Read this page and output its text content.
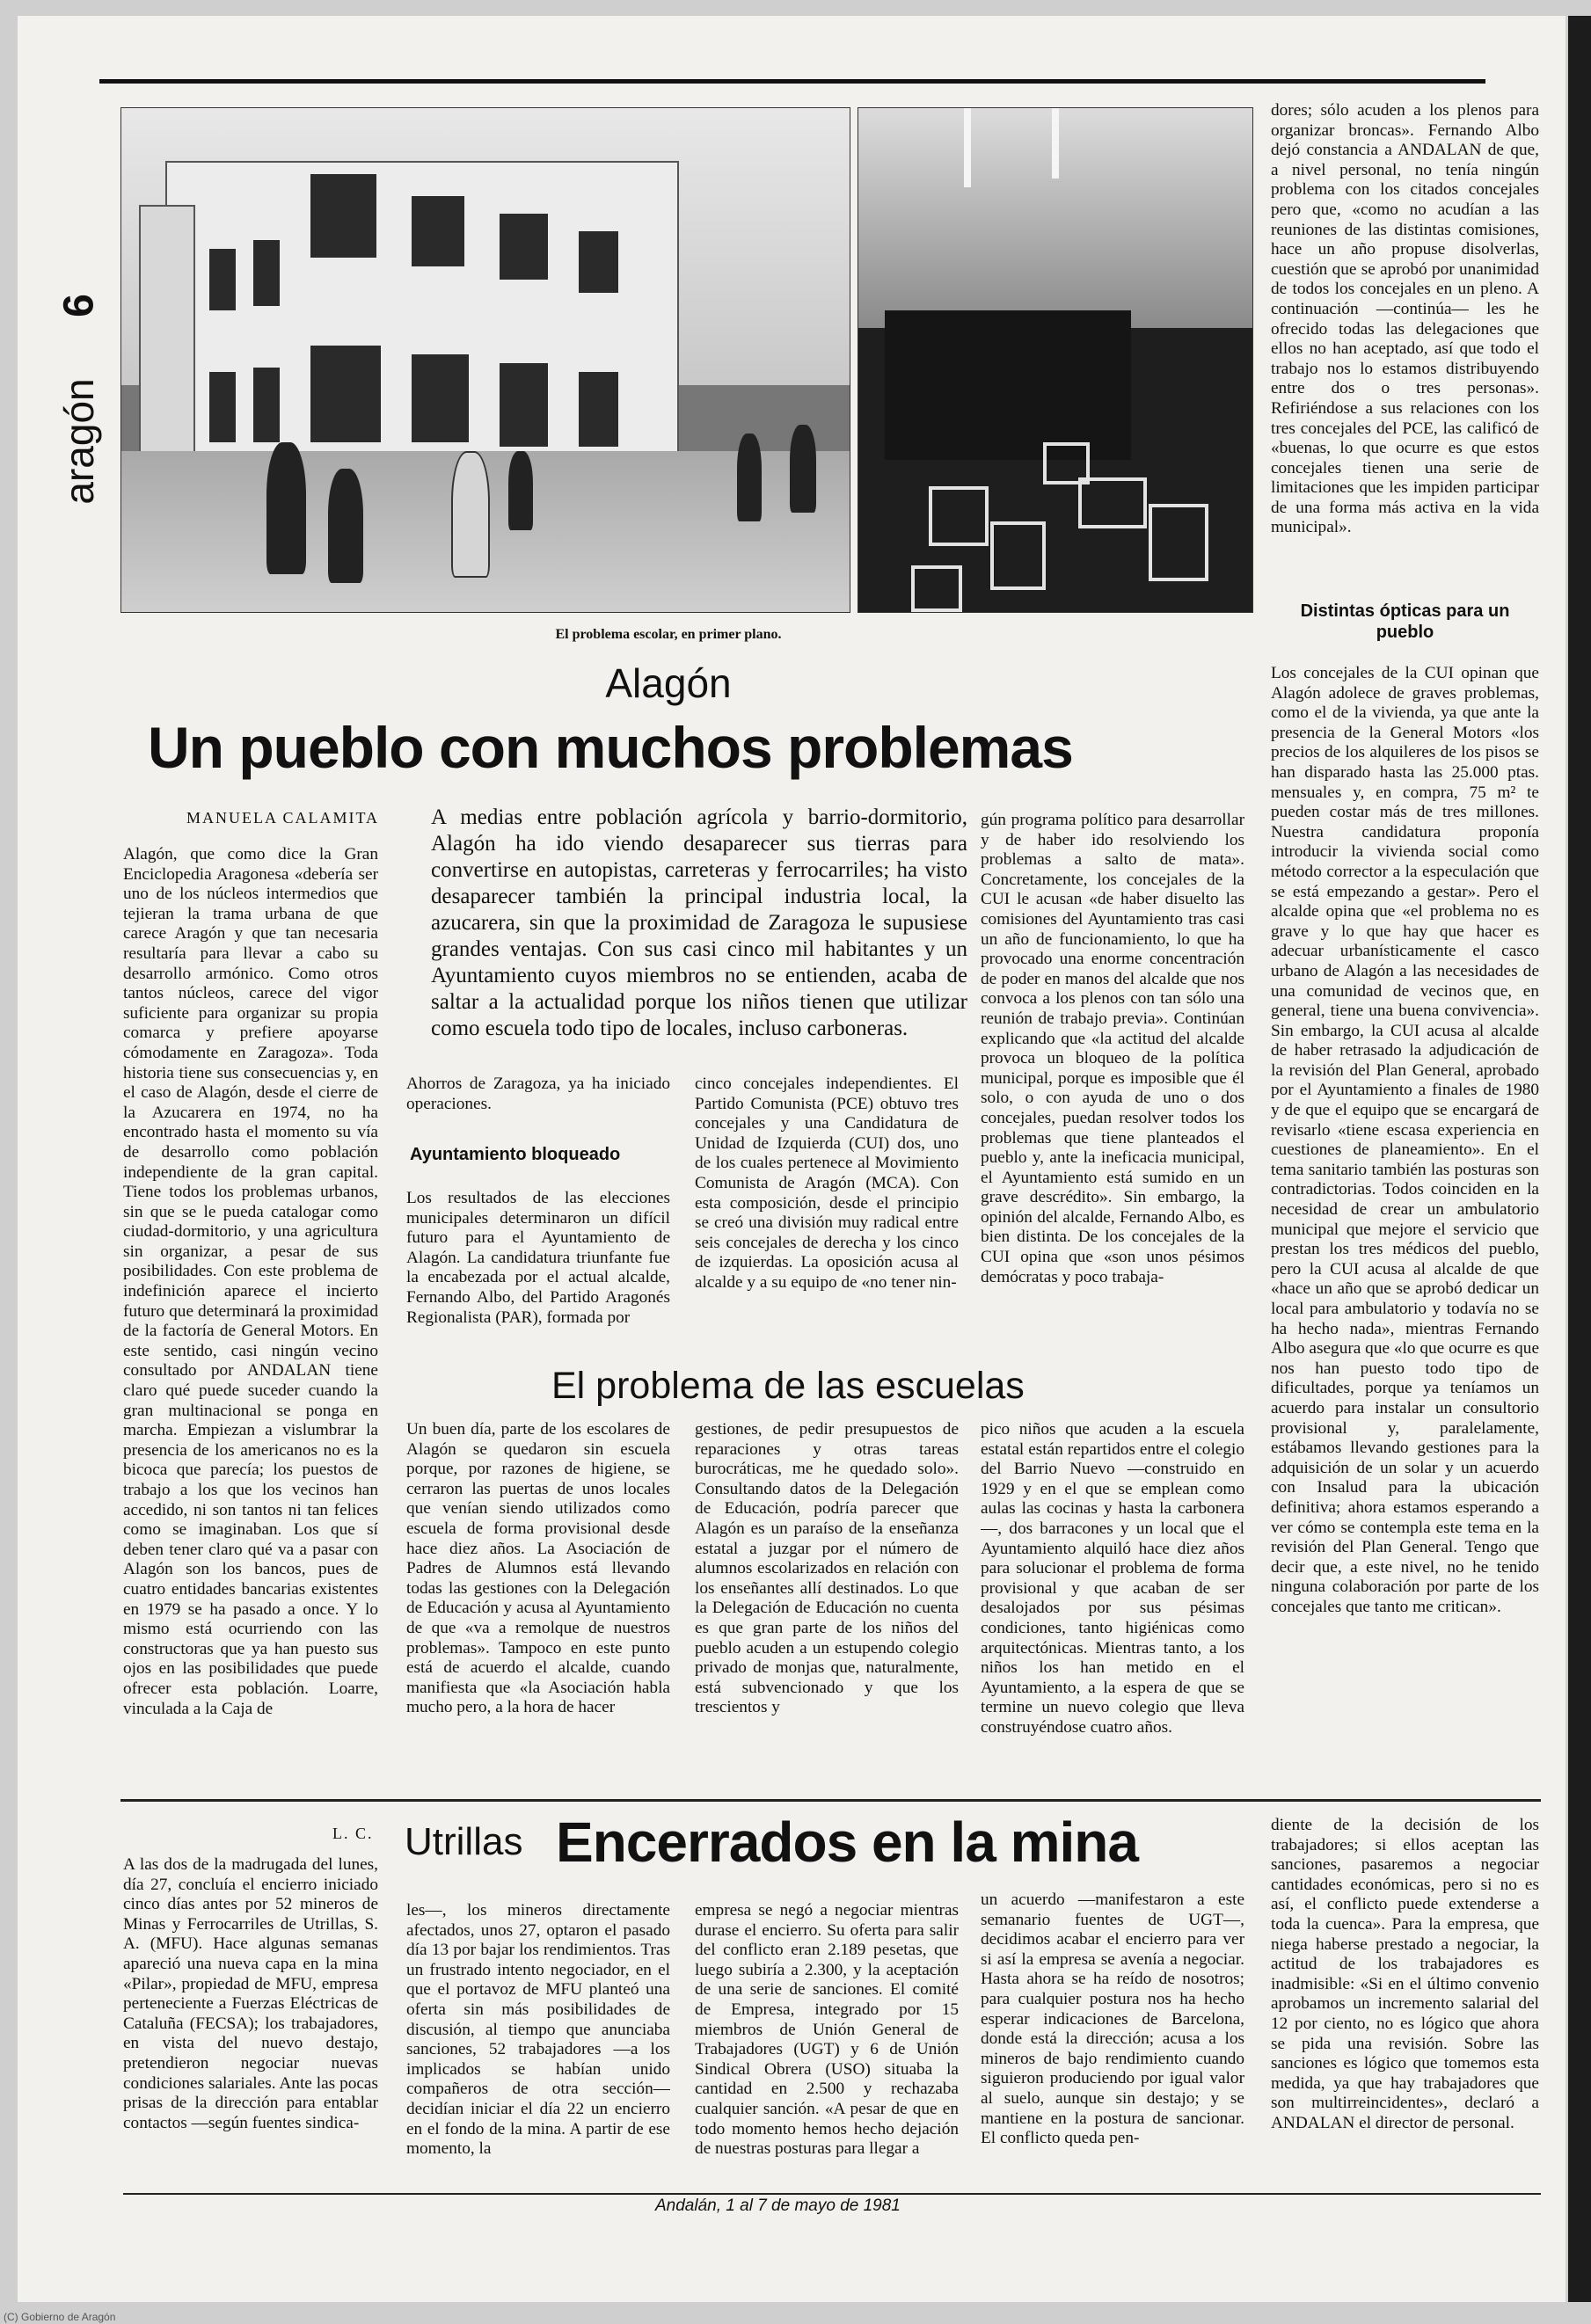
6
aragón
El problema escolar, en primer plano.
Alagón
Un pueblo con muchos problemas
MANUELA CALAMITA
Alagón, que como dice la Gran Enciclopedia Aragonesa «debería ser uno de los núcleos intermedios que tejieran la trama urbana de que carece Aragón y que tan necesaria resultaría para llevar a cabo su desarrollo armónico. Como otros tantos núcleos, carece del vigor suficiente para organizar su propia comarca y prefiere apoyarse cómodamente en Zaragoza». Toda historia tiene sus consecuencias y, en el caso de Alagón, desde el cierre de la Azucarera en 1974, no ha encontrado hasta el momento su vía de desarrollo como población independiente de la gran capital. Tiene todos los problemas urbanos, sin que se le pueda catalogar como ciudad-dormitorio, y una agricultura sin organizar, a pesar de sus posibilidades. Con este problema de indefinición aparece el incierto futuro que determinará la proximidad de la factoría de General Motors. En este sentido, casi ningún vecino consultado por ANDALAN tiene claro qué puede suceder cuando la gran multinacional se ponga en marcha. Empiezan a vislumbrar la presencia de los americanos no es la bicoca que parecía; los puestos de trabajo a los que los vecinos han accedido, ni son tantos ni tan felices como se imaginaban. Los que sí deben tener claro qué va a pasar con Alagón son los bancos, pues de cuatro entidades bancarias existentes en 1979 se ha pasado a once. Y lo mismo está ocurriendo con las constructoras que ya han puesto sus ojos en las posibilidades que puede ofrecer esta población. Loarre, vinculada a la Caja de
A medias entre población agrícola y barrio-dormitorio, Alagón ha ido viendo desaparecer sus tierras para convertirse en autopistas, carreteras y ferrocarriles; ha visto desaparecer también la principal industria local, la azucarera, sin que la proximidad de Zaragoza le supusiese grandes ventajas. Con sus casi cinco mil habitantes y un Ayuntamiento cuyos miembros no se entienden, acaba de saltar a la actualidad porque los niños tienen que utilizar como escuela todo tipo de locales, incluso carboneras.
Ahorros de Zaragoza, ya ha iniciado operaciones.
Ayuntamiento bloqueado
Los resultados de las elecciones municipales determinaron un difícil futuro para el Ayuntamiento de Alagón. La candidatura triunfante fue la encabezada por el actual alcalde, Fernando Albo, del Partido Aragonés Regionalista (PAR), formada por
cinco concejales independientes. El Partido Comunista (PCE) obtuvo tres concejales y una Candidatura de Unidad de Izquierda (CUI) dos, uno de los cuales pertenece al Movimiento Comunista de Aragón (MCA). Con esta composición, desde el principio se creó una división muy radical entre seis concejales de derecha y los cinco de izquierdas. La oposición acusa al alcalde y a su equipo de «no tener nin-
gún programa político para desarrollar y de haber ido resolviendo los problemas a salto de mata». Concretamente, los concejales de la CUI le acusan «de haber disuelto las comisiones del Ayuntamiento tras casi un año de funcionamiento, lo que ha provocado una enorme concentración de poder en manos del alcalde que nos convoca a los plenos con tan sólo una reunión de trabajo previa». Continúan explicando que «la actitud del alcalde provoca un bloqueo de la política municipal, porque es imposible que él solo, o con ayuda de uno o dos concejales, puedan resolver todos los problemas que tiene planteados el pueblo y, ante la ineficacia municipal, el Ayuntamiento está sumido en un grave descrédito». Sin embargo, la opinión del alcalde, Fernando Albo, es bien distinta. De los concejales de la CUI opina que «son unos pésimos demócratas y poco trabaja-
dores; sólo acuden a los plenos para organizar broncas». Fernando Albo dejó constancia a ANDALAN de que, a nivel personal, no tenía ningún problema con los citados concejales pero que, «como no acudían a las reuniones de las distintas comisiones, hace un año propuse disolverlas, cuestión que se aprobó por unanimidad de todos los concejales en un pleno. A continuación —continúa— les he ofrecido todas las delegaciones que ellos no han aceptado, así que todo el trabajo nos lo estamos distribuyendo entre dos o tres personas». Refiriéndose a sus relaciones con los tres concejales del PCE, las calificó de «buenas, lo que ocurre es que estos concejales tienen una serie de limitaciones que les impiden participar de una forma más activa en la vida municipal».
Distintas ópticas para un pueblo
Los concejales de la CUI opinan que Alagón adolece de graves problemas, como el de la vivienda, ya que ante la presencia de la General Motors «los precios de los alquileres de los pisos se han disparado hasta las 25.000 ptas. mensuales y, en compra, 75 m² te pueden costar más de tres millones. Nuestra candidatura proponía introducir la vivienda social como método corrector a la especulación que se está empezando a gestar». Pero el alcalde opina que «el problema no es grave y lo que hay que hacer es adecuar urbanísticamente el casco urbano de Alagón a las necesidades de una comunidad de vecinos que, en general, tiene una buena convivencia». Sin embargo, la CUI acusa al alcalde de haber retrasado la adjudicación de la revisión del Plan General, aprobado por el Ayuntamiento a finales de 1980 y de que el equipo que se encargará de revisarlo «tiene escasa experiencia en cuestiones de planeamiento». En el tema sanitario también las posturas son contradictorias. Todos coinciden en la necesidad de crear un ambulatorio municipal que mejore el servicio que prestan los tres médicos del pueblo, pero la CUI acusa al alcalde de que «hace un año que se aprobó dedicar un local para ambulatorio y todavía no se ha hecho nada», mientras Fernando Albo asegura que «lo que ocurre es que nos han puesto todo tipo de dificultades, porque ya teníamos un acuerdo para instalar un consultorio provisional y, paralelamente, estábamos llevando gestiones para la adquisición de un solar y un acuerdo con Insalud para la ubicación definitiva; ahora estamos esperando a ver cómo se contempla este tema en la revisión del Plan General. Tengo que decir que, a este nivel, no he tenido ninguna colaboración por parte de los concejales que tanto me critican».
El problema de las escuelas
Un buen día, parte de los escolares de Alagón se quedaron sin escuela porque, por razones de higiene, se cerraron las puertas de unos locales que venían siendo utilizados como escuela de forma provisional desde hace diez años. La Asociación de Padres de Alumnos está llevando todas las gestiones con la Delegación de Educación y acusa al Ayuntamiento de que «va a remolque de nuestros problemas». Tampoco en este punto está de acuerdo el alcalde, cuando manifiesta que «la Asociación habla mucho pero, a la hora de hacer
gestiones, de pedir presupuestos de reparaciones y otras tareas burocráticas, me he quedado solo». Consultando datos de la Delegación de Educación, podría parecer que Alagón es un paraíso de la enseñanza estatal a juzgar por el número de alumnos escolarizados en relación con los enseñantes allí destinados. Lo que la Delegación de Educación no cuenta es que gran parte de los niños del pueblo acuden a un estupendo colegio privado de monjas que, naturalmente, está subvencionado y que los trescientos y
pico niños que acuden a la escuela estatal están repartidos entre el colegio del Barrio Nuevo —construido en 1929 y en el que se emplean como aulas las cocinas y hasta la carbonera—, dos barracones y un local que el Ayuntamiento alquiló hace diez años para solucionar el problema de forma provisional y que acaban de ser desalojados por sus pésimas condiciones, tanto higiénicas como arquitectónicas. Mientras tanto, a los niños los han metido en el Ayuntamiento, a la espera de que se termine un nuevo colegio que lleva construyéndose cuatro años.
L. C.
A las dos de la madrugada del lunes, día 27, concluía el encierro iniciado cinco días antes por 52 mineros de Minas y Ferrocarriles de Utrillas, S. A. (MFU). Hace algunas semanas apareció una nueva capa en la mina «Pilar», propiedad de MFU, empresa perteneciente a Fuerzas Eléctricas de Cataluña (FECSA); los trabajadores, en vista del nuevo destajo, pretendieron negociar nuevas condiciones salariales. Ante las pocas prisas de la dirección para entablar contactos —según fuentes sindica-
Utrillas Encerrados en la mina
les—, los mineros directamente afectados, unos 27, optaron el pasado día 13 por bajar los rendimientos. Tras un frustrado intento negociador, en el que el portavoz de MFU planteó una oferta sin más posibilidades de discusión, al tiempo que anunciaba sanciones, 52 trabajadores —a los implicados se habían unido compañeros de otra sección— decidían iniciar el día 22 un encierro en el fondo de la mina. A partir de ese momento, la
empresa se negó a negociar mientras durase el encierro. Su oferta para salir del conflicto eran 2.189 pesetas, que luego subiría a 2.300, y la aceptación de una serie de sanciones. El comité de Empresa, integrado por 15 miembros de Unión General de Trabajadores (UGT) y 6 de Unión Sindical Obrera (USO) situaba la cantidad en 2.500 y rechazaba cualquier sanción. «A pesar de que en todo momento hemos hecho dejación de nuestras posturas para llegar a
un acuerdo —manifestaron a este semanario fuentes de UGT—, decidimos acabar el encierro para ver si así la empresa se avenía a negociar. Hasta ahora se ha reído de nosotros; para cualquier postura nos ha hecho esperar indicaciones de Barcelona, donde está la dirección; acusa a los mineros de bajo rendimiento cuando siguieron produciendo por igual valor al suelo, aunque sin destajo; y se mantiene en la postura de sancionar. El conflicto queda pen-
diente de la decisión de los trabajadores; si ellos aceptan las sanciones, pasaremos a negociar cantidades económicas, pero si no es así, el conflicto puede extenderse a toda la cuenca». Para la empresa, que niega haberse prestado a negociar, la actitud de los trabajadores es inadmisible: «Si en el último convenio aprobamos un incremento salarial del 12 por ciento, no es lógico que ahora se pida una revisión. Sobre las sanciones es lógico que tomemos esta medida, ya que hay trabajadores que son multirreincidentes», declaró a ANDALAN el director de personal.
Andalán, 1 al 7 de mayo de 1981
(C) Gobierno de Aragón
